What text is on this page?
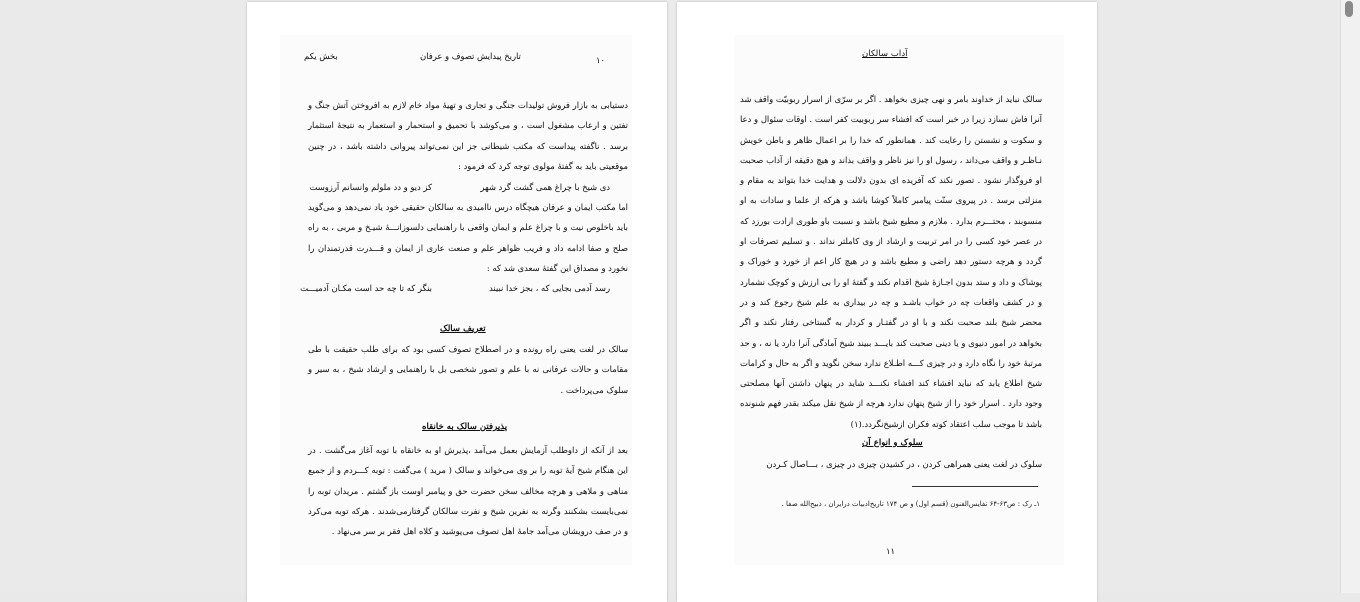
بخش یکم	تاریخ پیدایش تصوف و عرفان	۱۰

دستیابی به بازار فروش تولیدات جنگی و تجاری و تهیهٔ مواد خام لازم به افروختن آتش جنگ و تفتین و ارعاب مشغول است ، و می‌کوشد با تحمیق و استحمار و استعمار به نتیجهٔ استثمار برسد . ناگفته پیداست که مکتب شیطانی جز این نمی‌تواند پیروانی داشته باشد ، در چنین موقعیتی باید به گفتهٔ مولوی توجه کرد که فرمود :

دی شیخ با چراغ همی گشت گرد شهر
کز دیو و دد ملولم وانسانم آرزوست

اما مکتب ایمان و عرفان هیچگاه درس ناامیدی به سالکان حقیقی خود یاد نمی‌دهد و می‌گوید باید باخلوص نیت و با چراغ علم و ایمان واقعی با راهنمایی دلسوزانـــهٔ شیـخ و مربی ، به راه صلح و صفا ادامه داد و فریب ظواهر علم و صنعت عاری از ایمان و قـــدرت قدرتمندان را نخورد و مصداق این گفتهٔ سعدی شد که :

رسد آدمی بجایی که ، بجز خدا نبیند
بنگر که تا چه حد است مکـان آدمیـــت
تعریف سالک

سالک در لغت یعنی راه رونده و در اصطلاح تصوف کسی بود که برای طلب حقیقت با طی مقامات و حالات عرفانی نه با علم و تصور شخصی بل با راهنمایی و ارشاد شیخ ، به سیر و سلوک می‌پرداخت .

پذیرفتن سالک به خانقاه

بعد از آنکه از داوطلب آزمایش بعمل می‌آمد ،پذیرش او به خانقاه با توبه آغاز می‌گشت . در این هنگام شیخ آیهٔ توبه را بر وی می‌خواند و سالک ( مرید ) می‌گفت : توبه کـــردم و از جمیع مناهی و ملاهی و هرچه مخالف سخن حضرت حق و پیامبر اوست باز گشتم . مریدان توبه را نمی‌بایست بشکنند وگرنه به نفرین شیخ و نفرت سالکان گرفتارمی‌شدند . هرکه توبه می‌کرد و در صف درویشان می‌آمد جامهٔ اهل تصوف می‌پوشید و کلاه اهل فقر بر سر می‌نهاد .

آداب سالکان

سالک نباید از خداوند بامر و نهی چیزی بخواهد . اگر بر سرّی از اسرار ربوبیّت واقف شد آنرا فاش نسازد زیرا در خبر است که افشاء سر ربوبیت کفر است . اوقات سئوال و دعا و سکوت و نشستن را رعایت کند . همانطور که خدا را بر اعمال ظاهر و باطن خویش نـاظـر و واقف می‌داند ، رسول او را نیز ناظر و واقف بداند و هیچ دقیقه از آداب صحبت او فروگذار نشود . تصور نکند که آفریده ای بدون دلالت و هدایت خدا بتواند به مقام و منزلتی برسد . در پیروی سنّت پیامبر کاملاً کوشا باشد و هرکه از علما و سادات به او منسوبند ، محتـــرم بدارد . ملازم و مطیع شیخ باشد و نسبت باو طوری ارادت بورزد که در عصر خود کسی را در امر تربیت و ارشاد از وی کاملتر نداند . و تسلیم تصرفات او گردد و هرچه دستور دهد راضی و مطیع باشد و در هیچ کار اعم از خورد و خوراک و پوشاک و داد و ستد بدون اجـازهٔ شیخ اقدام نکند و گفتهٔ او را بی ارزش و کوچک نشمارد و در کشف واقعات چه در خواب باشـد و چه در بیداری به علم شیخ رجوع کند و در محضر شیخ بلند صحبت نکند و با او در گفتـار و کردار به گستاخی رفتار نکند و اگر بخواهد در امور دنیوی و یا دینی صحبت کند بایـــد ببیند شیخ آمادگی آنرا دارد یا نه ، و حد مرتبهٔ خود را نگاه دارد و در چیزی کـــه اطـلاع ندارد سخن نگوید و اگر به حال و کرامات شیخ اطلاع یابد که نباید افشاء کند افشاء نکنـــد شاید در پنهان داشتن آنها مصلحتی وجود دارد . اسرار خود را از شیخ پنهان ندارد هرچه از شیخ نقل میکند بقدر فهم شنونده باشد تا موجب سلب اعتقاد کوته فکران ازشیخ‌نگردد.(۱)

سلوک و انواع آن

سلوک در لغت یعنی همراهی کردن ، در کشیدن چیزی در چیزی ، بـــاصال کـردن

۱ـ رک : ص۶۳-۶۴ نفایس‌الفنون (قسم اول) و ص ۱۷۴ تاریخ‌ادبیات درایران ، ذبیح‌الله صفا .
۱۱
